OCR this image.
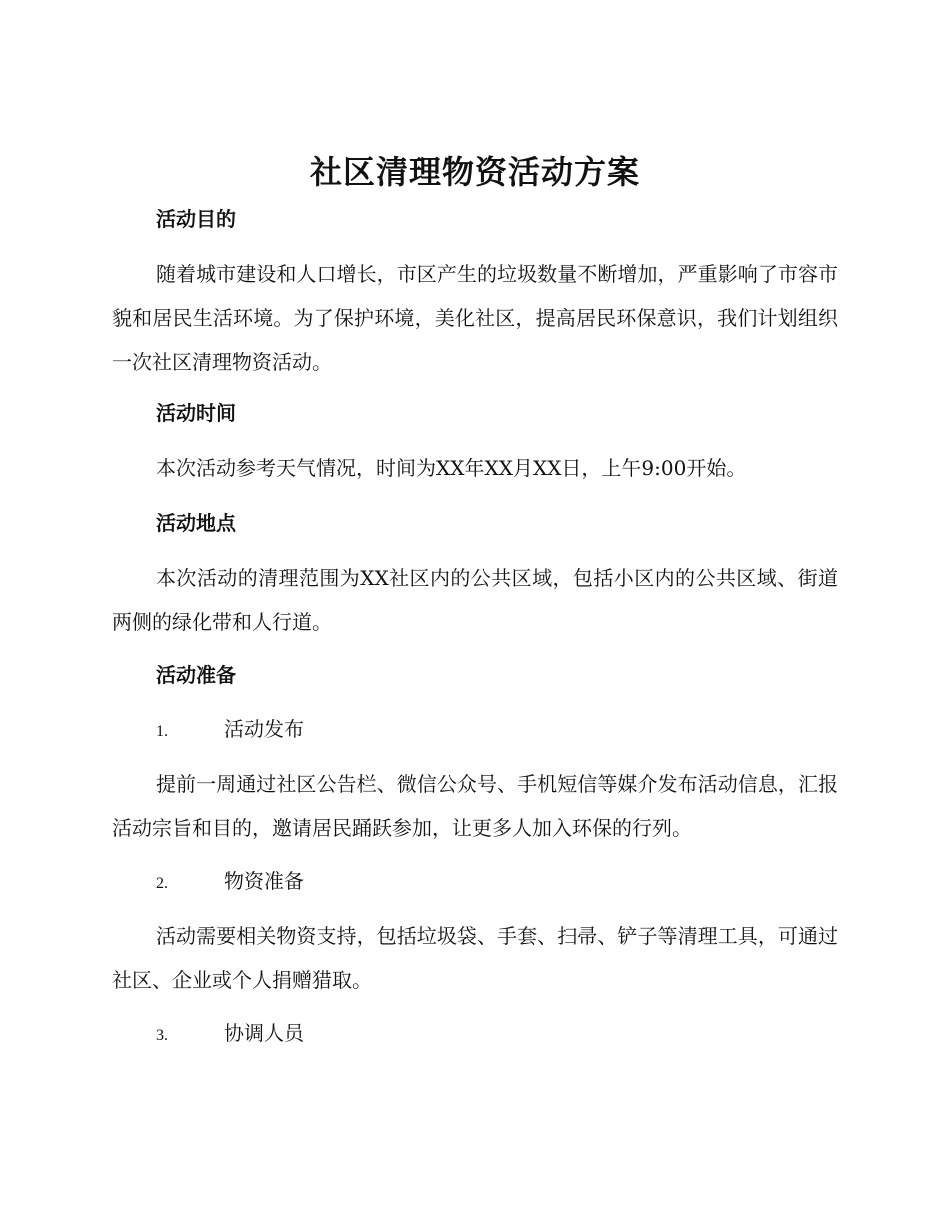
社区清理物资活动方案
活动目的
随着城市建设和人口增长，市区产生的垃圾数量不断增加，严重影响了市容市貌和居民生活环境。为了保护环境，美化社区，提高居民环保意识，我们计划组织一次社区清理物资活动。
活动时间
本次活动参考天气情况，时间为XX年XX月XX日，上午9:00开始。
活动地点
本次活动的清理范围为XX社区内的公共区域，包括小区内的公共区域、街道两侧的绿化带和人行道。
活动准备
1.	活动发布
提前一周通过社区公告栏、微信公众号、手机短信等媒介发布活动信息，汇报活动宗旨和目的，邀请居民踊跃参加，让更多人加入环保的行列。
2.	物资准备
活动需要相关物资支持，包括垃圾袋、手套、扫帚、铲子等清理工具，可通过社区、企业或个人捐赠猎取。
3.	协调人员
